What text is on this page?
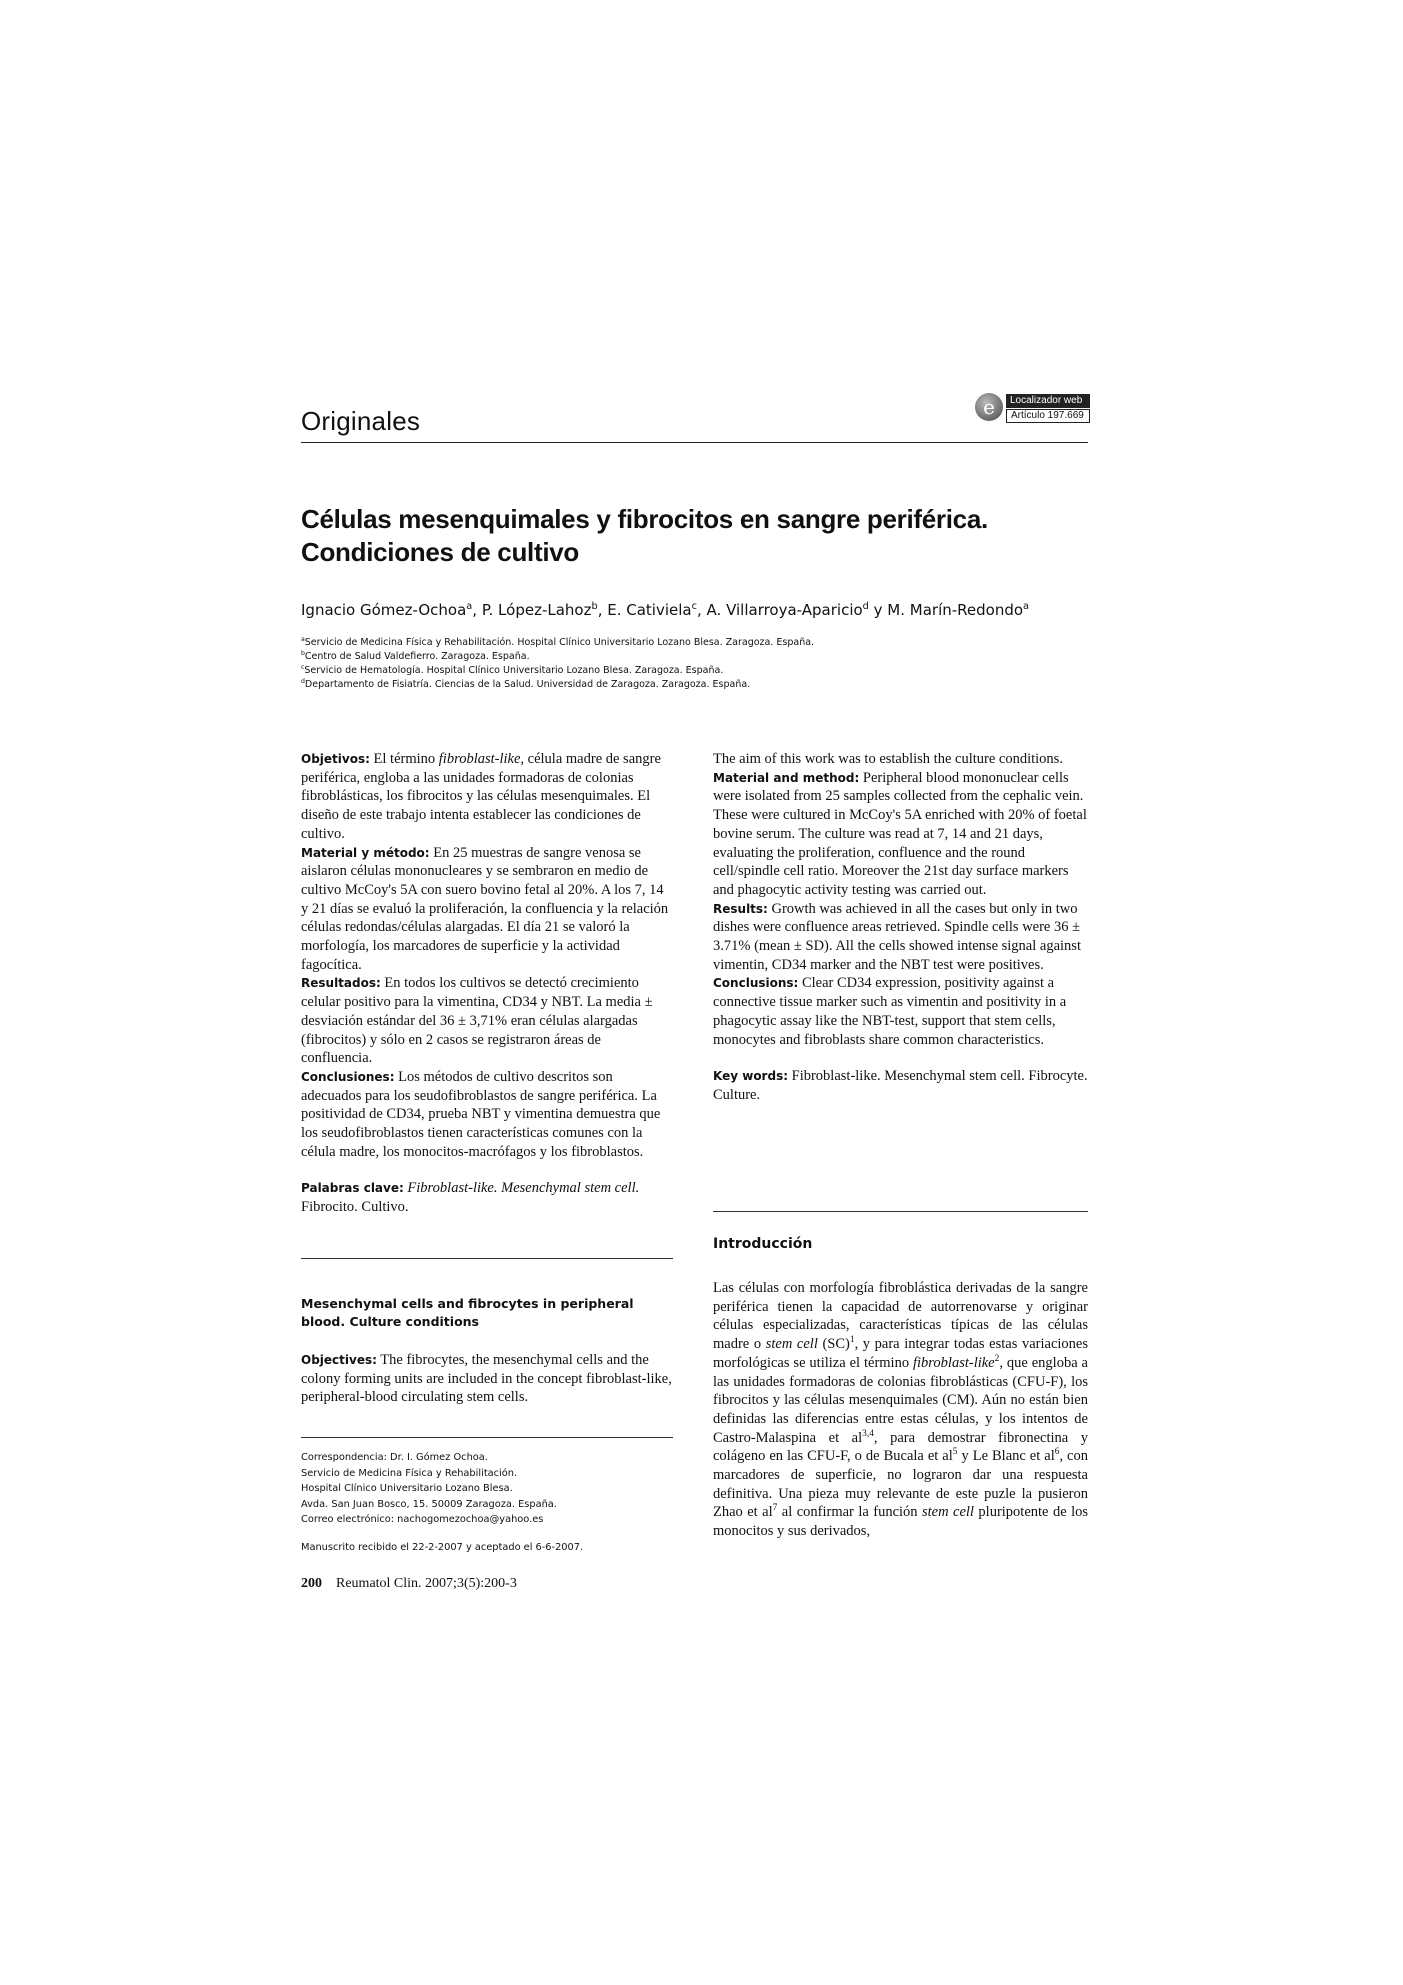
Originales	e	Localizador web
Artículo 197.669
Células mesenquimales y fibrocitos en sangre periférica.
Condiciones de cultivo
Ignacio Gómez-Ochoa$^a$, P. López-Lahoz$^b$, E. Cativiela$^c$, A. Villarroya-Aparicio$^d$ y M. Marín-Redondo$^a$
$^a$Servicio de Medicina Física y Rehabilitación. Hospital Clínico Universitario Lozano Blesa. Zaragoza. España.
$^b$Centro de Salud Valdefierro. Zaragoza. España.
$^c$Servicio de Hematología. Hospital Clínico Universitario Lozano Blesa. Zaragoza. España.
$^d$Departamento de Fisiatría. Ciencias de la Salud. Universidad de Zaragoza. Zaragoza. España.

Objetivos: El término fibroblast-like, célula madre de sangre periférica, engloba a las unidades formadoras de colonias fibroblásticas, los fibrocitos y las células mesenquimales. El diseño de este trabajo intenta establecer las condiciones de cultivo.

Material y método: En 25 muestras de sangre venosa se aislaron células mononucleares y se sembraron en medio de cultivo McCoy's 5A con suero bovino fetal al 20%. A los 7, 14 y 21 días se evaluó la proliferación, la confluencia y la relación células redondas/células alargadas. El día 21 se valoró la morfología, los marcadores de superficie y la actividad fagocítica.

Resultados: En todos los cultivos se detectó crecimiento celular positivo para la vimentina, CD34 y NBT. La media ± desviación estándar del 36 ± 3,71% eran células alargadas (fibrocitos) y sólo en 2 casos se registraron áreas de confluencia.

Conclusiones: Los métodos de cultivo descritos son adecuados para los seudofibroblastos de sangre periférica. La positividad de CD34, prueba NBT y vimentina demuestra que los seudofibroblastos tienen características comunes con la célula madre, los monocitos-macrófagos y los fibroblastos.

Palabras clave: Fibroblast-like. Mesenchymal stem cell. Fibrocito. Cultivo.

Mesenchymal cells and fibrocytes in peripheral blood. Culture conditions

Objectives: The fibrocytes, the mesenchymal cells and the colony forming units are included in the concept fibroblast-like, peripheral-blood circulating stem cells.

Correspondencia: Dr. I. Gómez Ochoa.
Servicio de Medicina Física y Rehabilitación.
Hospital Clínico Universitario Lozano Blesa.
Avda. San Juan Bosco, 15. 50009 Zaragoza. España.
Correo electrónico: nachogomezochoa@yahoo.es
Manuscrito recibido el 22-2-2007 y aceptado el 6-6-2007.

The aim of this work was to establish the culture conditions.

Material and method: Peripheral blood mononuclear cells were isolated from 25 samples collected from the cephalic vein. These were cultured in McCoy's 5A enriched with 20% of foetal bovine serum. The culture was read at 7, 14 and 21 days, evaluating the proliferation, confluence and the round cell/spindle cell ratio. Moreover the 21st day surface markers and phagocytic activity testing was carried out.

Results: Growth was achieved in all the cases but only in two dishes were confluence areas retrieved. Spindle cells were 36 ± 3.71% (mean ± SD). All the cells showed intense signal against vimentin, CD34 marker and the NBT test were positives.

Conclusions: Clear CD34 expression, positivity against a connective tissue marker such as vimentin and positivity in a phagocytic assay like the NBT-test, support that stem cells, monocytes and fibroblasts share common characteristics.

Key words: Fibroblast-like. Mesenchymal stem cell. Fibrocyte. Culture.

Introducción

Las células con morfología fibroblástica derivadas de la sangre periférica tienen la capacidad de autorrenovarse y originar células especializadas, características típicas de las células madre o stem cell (SC)$^1$, y para integrar todas estas variaciones morfológicas se utiliza el término fibroblast-like$^2$, que engloba a las unidades formadoras de colonias fibroblásticas (CFU-F), los fibrocitos y las células mesenquimales (CM). Aún no están bien definidas las diferencias entre estas células, y los intentos de Castro-Malaspina et al$^{3,4}$, para demostrar fibronectina y colágeno en las CFU-F, o de Bucala et $al^5$ y Le Blanc et $al^6$, con marcadores de superficie, no lograron dar una respuesta definitiva. Una pieza muy relevante de este puzle la pusieron Zhao et $al^7$ al confirmar la función stem cell pluripotente de los monocitos y sus derivados,

200 Reumatol Clin. 2007;3(5):200-3
